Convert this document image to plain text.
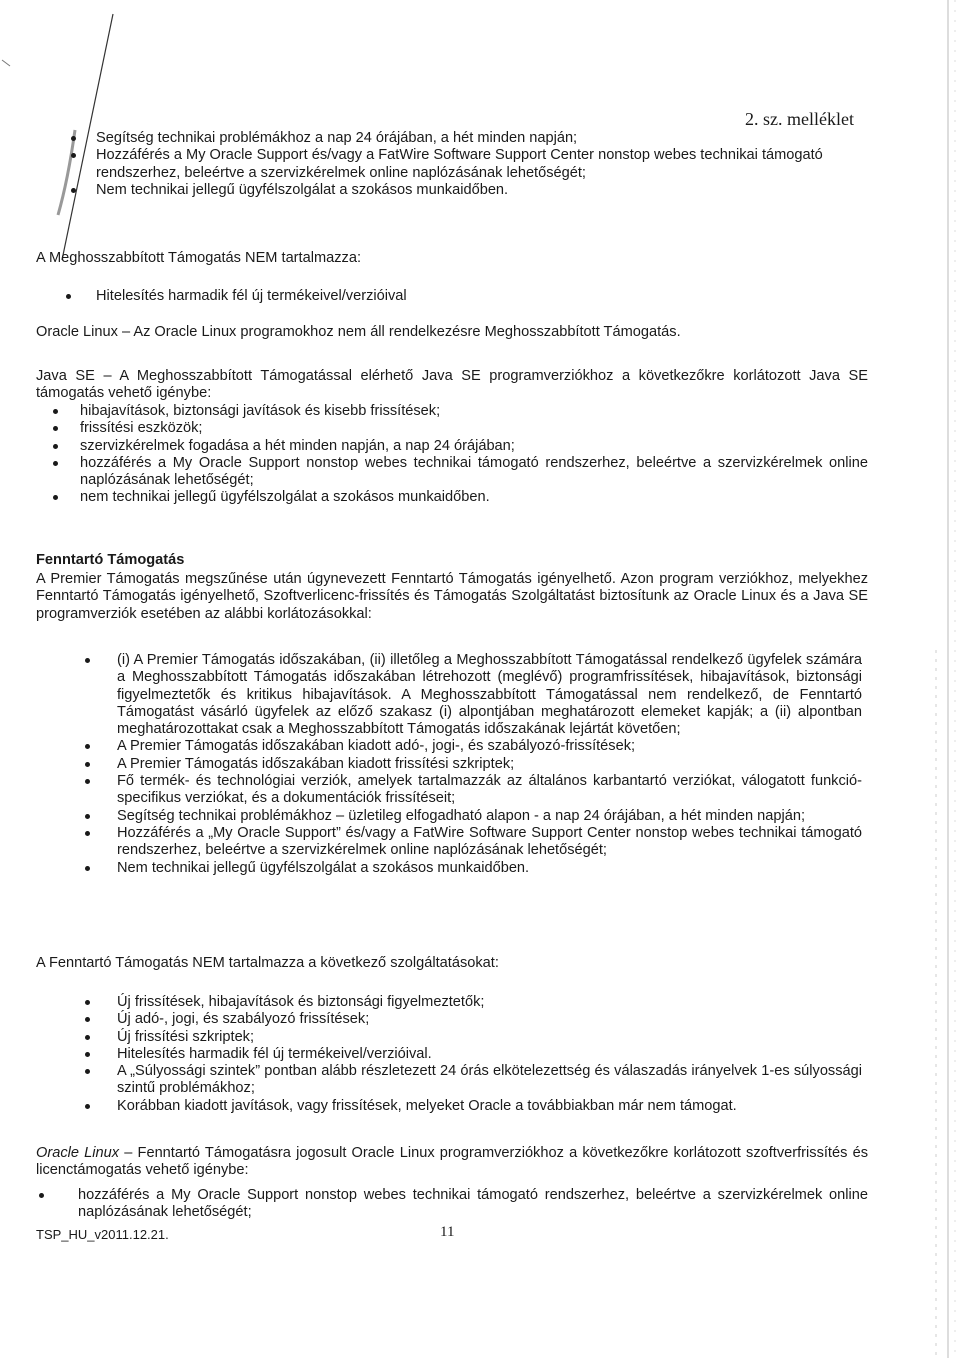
2. sz. melléklet
Segítség technikai problémákhoz a nap 24 órájában, a hét minden napján;
Hozzáférés a My Oracle Support és/vagy a FatWire Software Support Center nonstop webes technikai támogató rendszerhez, beleértve a szervizkérelmek online naplózásának lehetőségét;
Nem technikai jellegű ügyfélszolgálat a szokásos munkaidőben.
A Meghosszabbított Támogatás NEM tartalmazza:
Hitelesítés harmadik fél új termékeivel/verzióival
Oracle Linux – Az Oracle Linux programokhoz nem áll rendelkezésre Meghosszabbított Támogatás.
Java SE – A Meghosszabbított Támogatással elérhető Java SE programverziókhoz a következőkre korlátozott Java SE támogatás vehető igénybe:
hibajavítások, biztonsági javítások és kisebb frissítések;
frissítési eszközök;
szervizkérelmek fogadása a hét minden napján, a nap 24 órájában;
hozzáférés a My Oracle Support nonstop webes technikai támogató rendszerhez, beleértve a szervizkérelmek online naplózásának lehetőségét;
nem technikai jellegű ügyfélszolgálat a szokásos munkaidőben.
Fenntartó Támogatás
A Premier Támogatás megszűnése után úgynevezett Fenntartó Támogatás igényelhető. Azon program verziókhoz, melyekhez Fenntartó Támogatás igényelhető, Szoftverlicenc-frissítés és Támogatás Szolgáltatást biztosítunk az Oracle Linux és a Java SE programverziók esetében az alábbi korlátozásokkal:
(i) A Premier Támogatás időszakában, (ii) illetőleg a Meghosszabbított Támogatással rendelkező ügyfelek számára a Meghosszabbított Támogatás időszakában létrehozott (meglévő) programfrissítések, hibajavítások, biztonsági figyelmeztetők és kritikus hibajavítások. A Meghosszabbított Támogatással nem rendelkező, de Fenntartó Támogatást vásárló ügyfelek az előző szakasz (i) alpontjában meghatározott elemeket kapják; a (ii) alpontban meghatározottakat csak a Meghosszabbított Támogatás időszakának lejártát követően;
A Premier Támogatás időszakában kiadott adó-, jogi-, és szabályozó-frissítések;
A Premier Támogatás időszakában kiadott frissítési szkriptek;
Fő termék- és technológiai verziók, amelyek tartalmazzák az általános karbantartó verziókat, válogatott funkció-specifikus verziókat, és a dokumentációk frissítéseit;
Segítség technikai problémákhoz – üzletileg elfogadható alapon - a nap 24 órájában, a hét minden napján;
Hozzáférés a „My Oracle Support” és/vagy a FatWire Software Support Center nonstop webes technikai támogató rendszerhez, beleértve a szervizkérelmek online naplózásának lehetőségét;
Nem technikai jellegű ügyfélszolgálat a szokásos munkaidőben.
A Fenntartó Támogatás NEM tartalmazza a következő szolgáltatásokat:
Új frissítések, hibajavítások és biztonsági figyelmeztetők;
Új adó-, jogi, és szabályozó frissítések;
Új frissítési szkriptek;
Hitelesítés harmadik fél új termékeivel/verzióival.
A „Súlyossági szintek” pontban alább részletezett 24 órás elkötelezettség és válaszadás irányelvek 1-es súlyossági szintű problémákhoz;
Korábban kiadott javítások, vagy frissítések, melyeket Oracle a továbbiakban már nem támogat.
Oracle Linux – Fenntartó Támogatásra jogosult Oracle Linux programverziókhoz a következőkre korlátozott szoftverfrissítés és licenctámogatás vehető igénybe:
hozzáférés a My Oracle Support nonstop webes technikai támogató rendszerhez, beleértve a szervizkérelmek online naplózásának lehetőségét;
TSP_HU_v2011.12.21.	11
